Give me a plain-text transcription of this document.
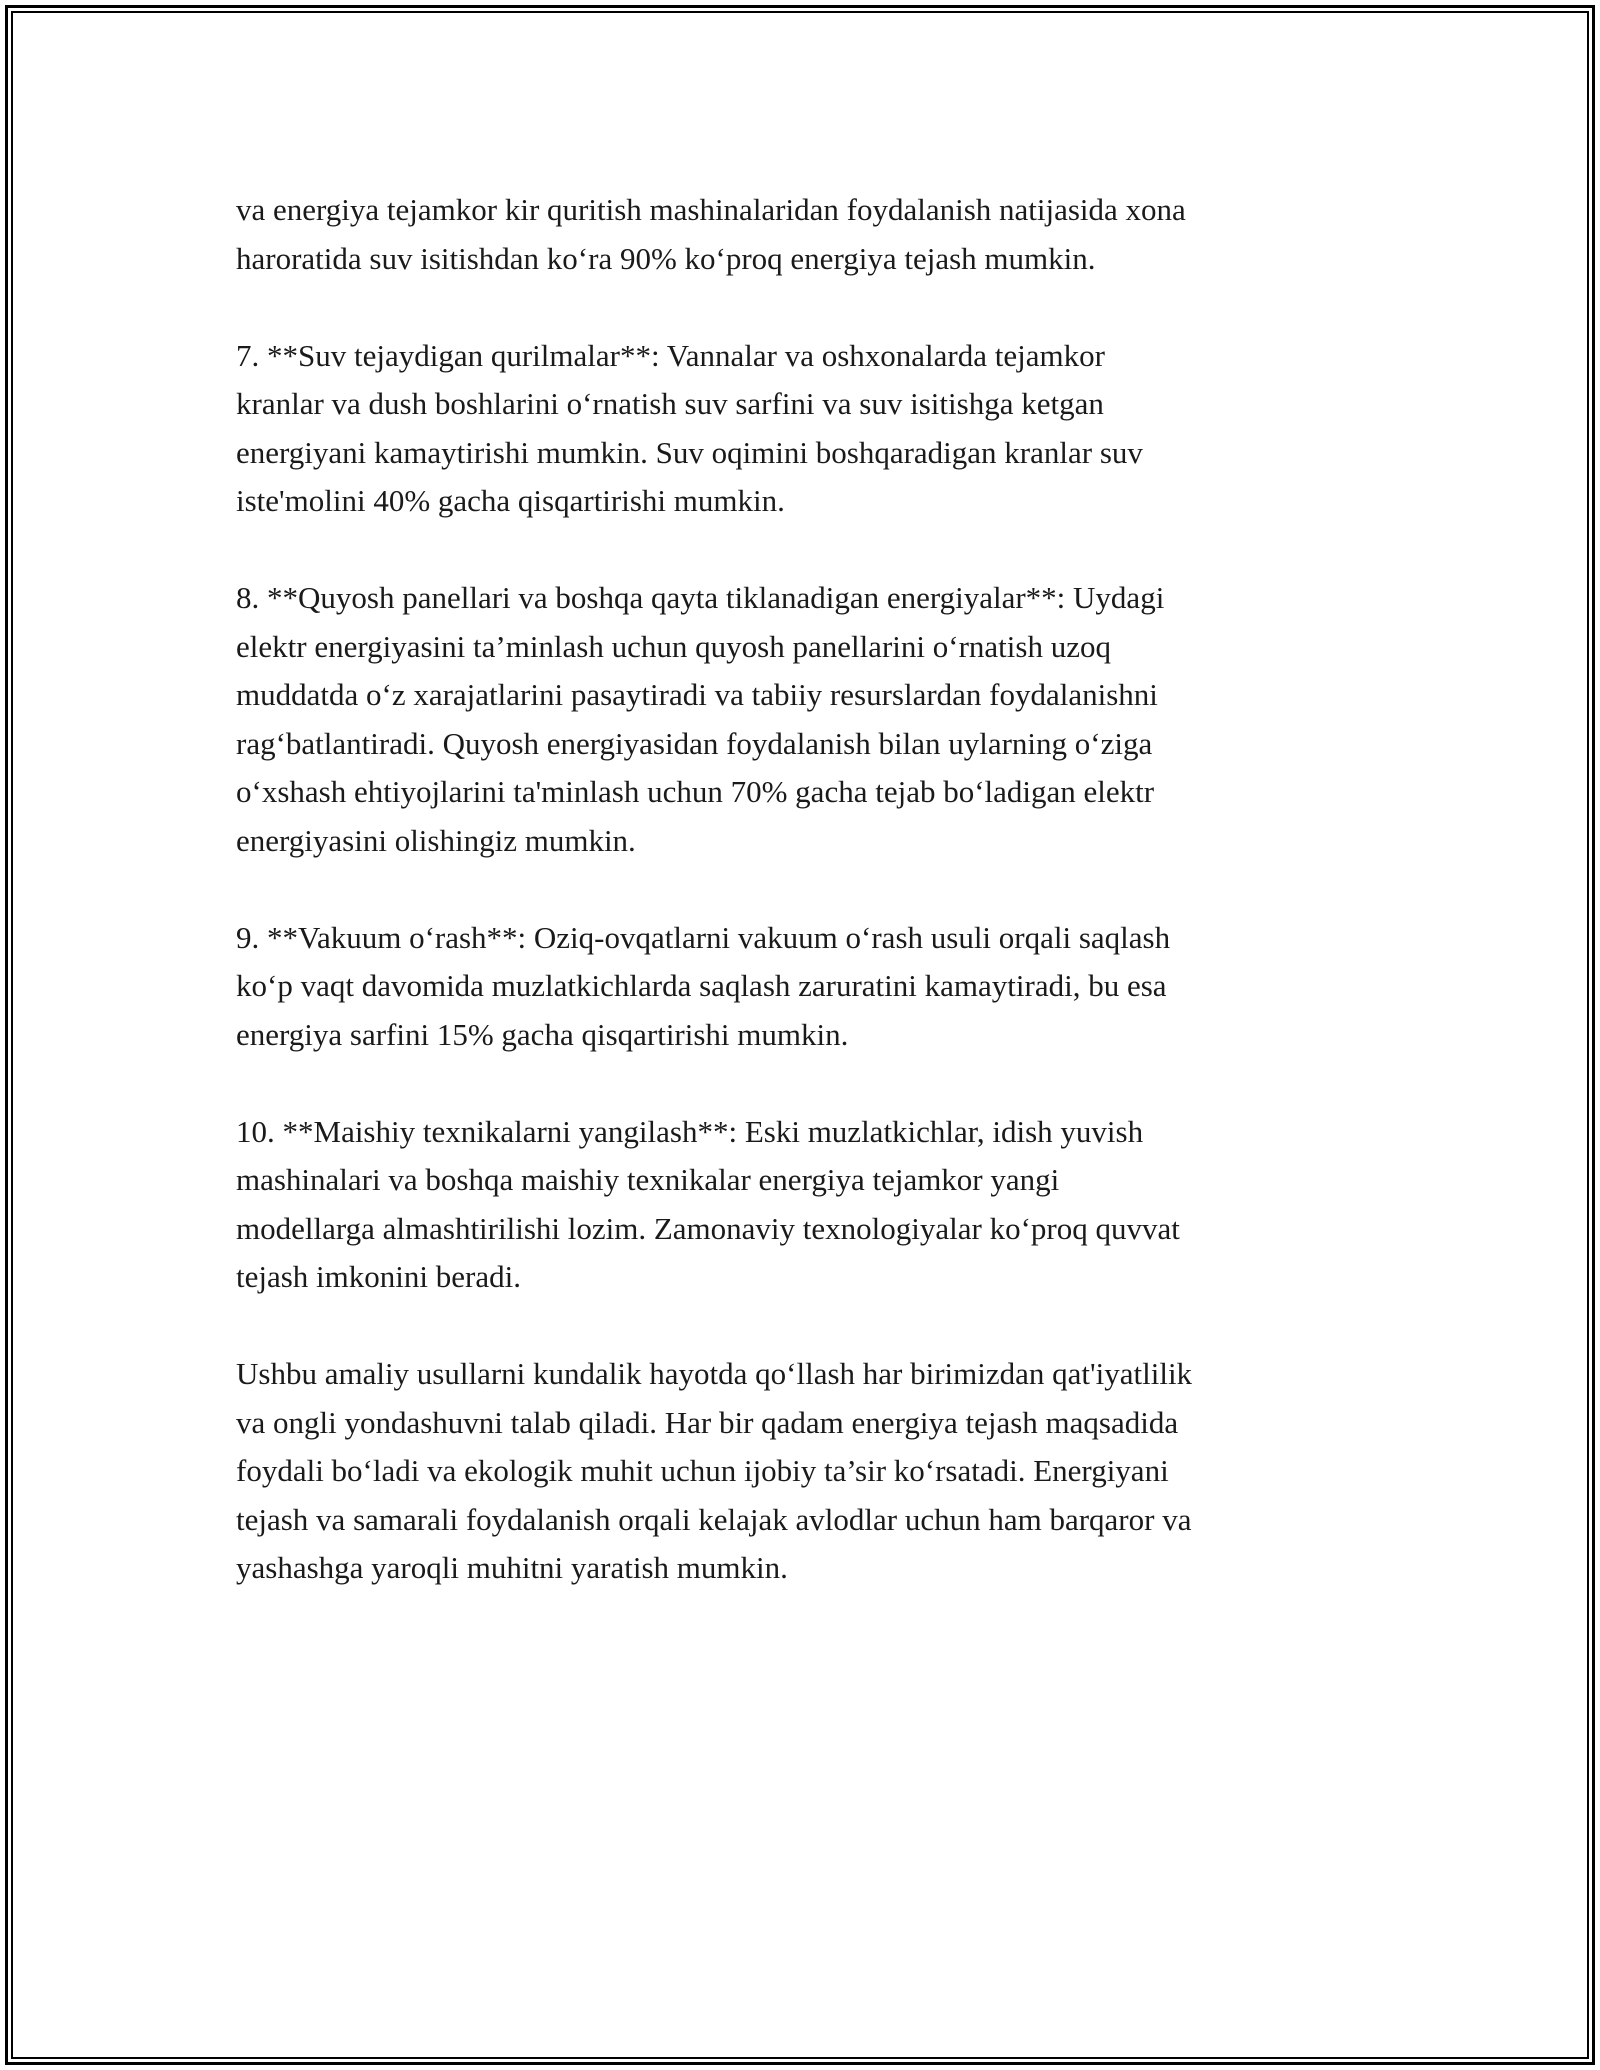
va energiya tejamkor kir quritish mashinalaridan foydalanish natijasida xona
haroratida suv isitishdan ko‘ra 90% ko‘proq energiya tejash mumkin.

7. **Suv tejaydigan qurilmalar**: Vannalar va oshxonalarda tejamkor
kranlar va dush boshlarini o‘rnatish suv sarfini va suv isitishga ketgan
energiyani kamaytirishi mumkin. Suv oqimini boshqaradigan kranlar suv
iste'molini 40% gacha qisqartirishi mumkin.

8. **Quyosh panellari va boshqa qayta tiklanadigan energiyalar**: Uydagi
elektr energiyasini ta’minlash uchun quyosh panellarini o‘rnatish uzoq
muddatda o‘z xarajatlarini pasaytiradi va tabiiy resurslardan foydalanishni
rag‘batlantiradi. Quyosh energiyasidan foydalanish bilan uylarning o‘ziga
o‘xshash ehtiyojlarini ta'minlash uchun 70% gacha tejab bo‘ladigan elektr
energiyasini olishingiz mumkin.

9. **Vakuum o‘rash**: Oziq-ovqatlarni vakuum o‘rash usuli orqali saqlash
ko‘p vaqt davomida muzlatkichlarda saqlash zaruratini kamaytiradi, bu esa
energiya sarfini 15% gacha qisqartirishi mumkin.

10. **Maishiy texnikalarni yangilash**: Eski muzlatkichlar, idish yuvish
mashinalari va boshqa maishiy texnikalar energiya tejamkor yangi
modellarga almashtirilishi lozim. Zamonaviy texnologiyalar ko‘proq quvvat
tejash imkonini beradi.

Ushbu amaliy usullarni kundalik hayotda qo‘llash har birimizdan qat'iyatlilik
va ongli yondashuvni talab qiladi. Har bir qadam energiya tejash maqsadida
foydali bo‘ladi va ekologik muhit uchun ijobiy ta’sir ko‘rsatadi. Energiyani
tejash va samarali foydalanish orqali kelajak avlodlar uchun ham barqaror va
yashashga yaroqli muhitni yaratish mumkin.
